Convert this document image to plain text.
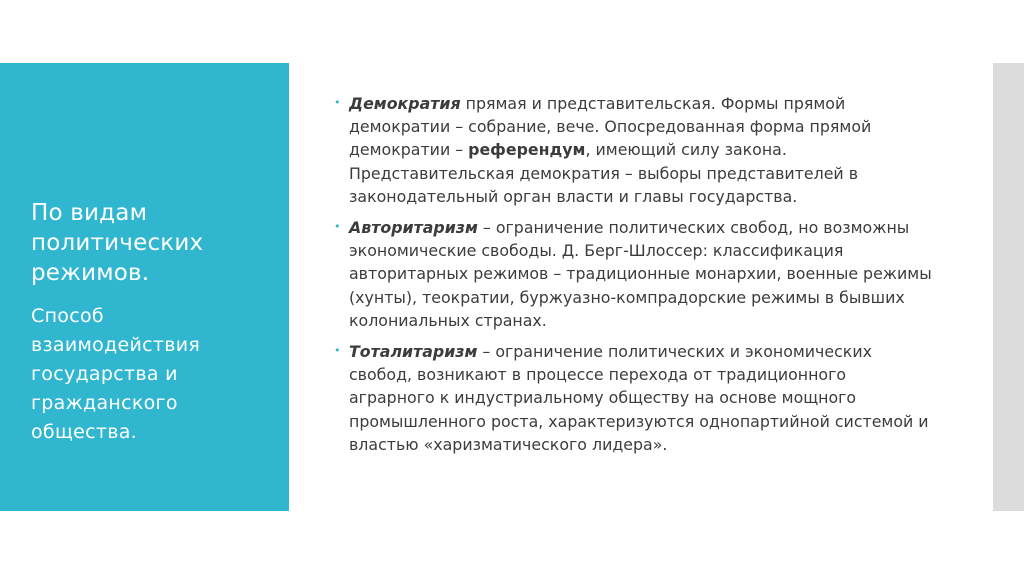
По видам политических режимов.
Способ взаимодействия государства и гражданского общества.
• Демократия прямая и представительская. Формы прямой демократии – собрание, вече. Опосредованная форма прямой демократии – референдум, имеющий силу закона. Представительская демократия – выборы представителей в законодательный орган власти и главы государства.
• Авторитаризм – ограничение политических свобод, но возможны экономические свободы. Д. Берг-Шлоссер: классификация авторитарных режимов – традиционные монархии, военные режимы (хунты), теократии, буржуазно-компрадорские режимы в бывших колониальных странах.
• Тоталитаризм – ограничение политических и экономических свобод, возникают в процессе перехода от традиционного аграрного к индустриальному обществу на основе мощного промышленного роста, характеризуются однопартийной системой и властью «харизматического лидера».
